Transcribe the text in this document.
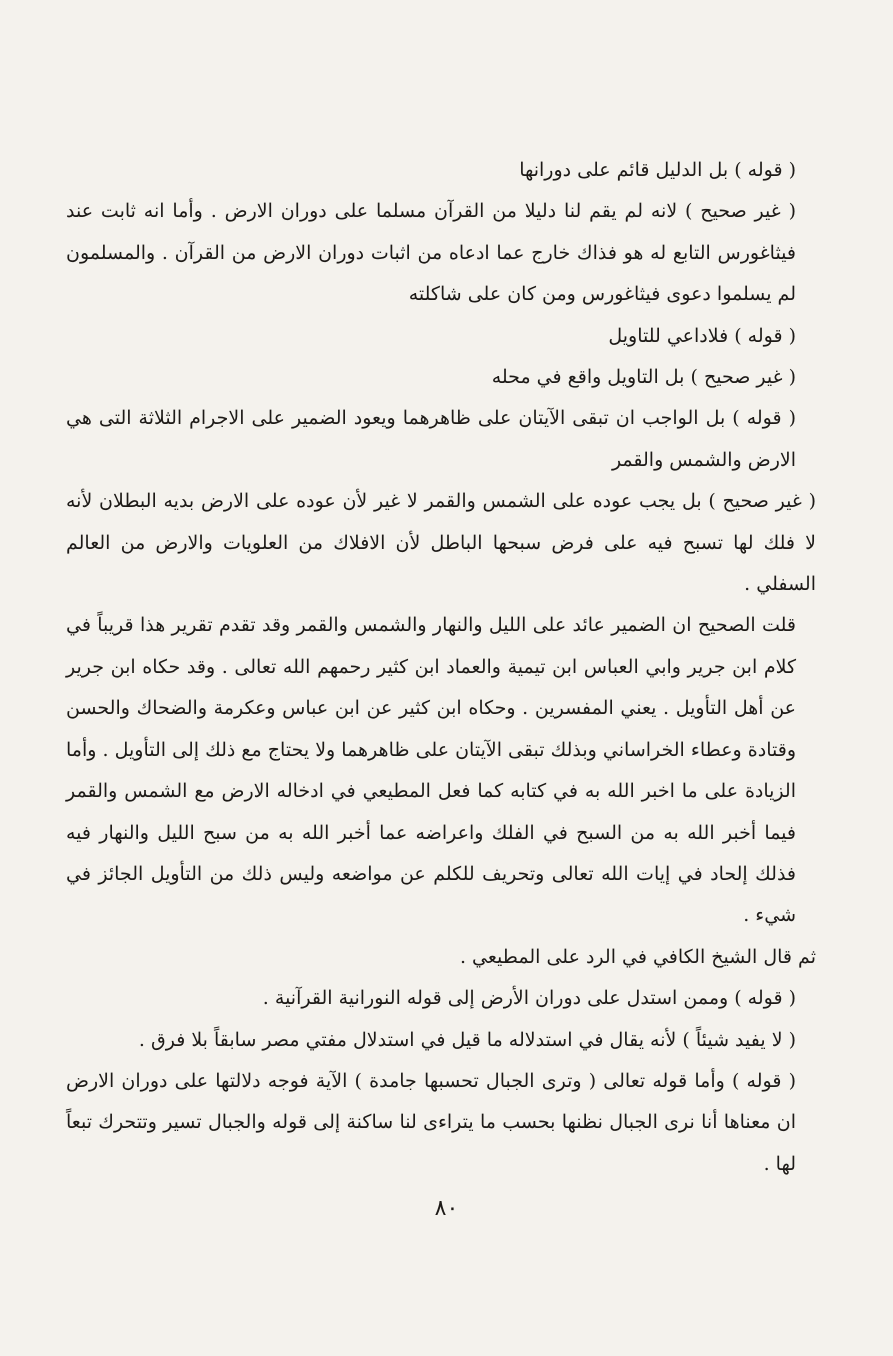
( قوله ) بل الدليل قائم على دورانها

( غير صحيح ) لانه لم يقم لنا دليلا من القرآن مسلما على دوران الارض . وأما انه ثابت عند فيثاغورس التابع له هو فذاك خارج عما ادعاه من اثبات دوران الارض من القرآن . والمسلمون لم يسلموا دعوى فيثاغورس ومن كان على شاكلته

( قوله ) فلاداعي للتاويل

( غير صحيح ) بل التاويل واقع في محله

( قوله ) بل الواجب ان تبقى الآيتان على ظاهرهما ويعود الضمير على الاجرام الثلاثة التى هي الارض والشمس والقمر

( غير صحيح ) بل يجب عوده على الشمس والقمر لا غير لأن عوده على الارض بديه البطلان لأنه لا فلك لها تسبح فيه على فرض سبحها الباطل لأن الافلاك من العلويات والارض من العالم السفلي .

قلت الصحيح ان الضمير عائد على الليل والنهار والشمس والقمر وقد تقدم تقرير هذا قريباً في كلام ابن جرير وابي العباس ابن تيمية والعماد ابن كثير رحمهم الله تعالى . وقد حكاه ابن جرير عن أهل التأويل . يعني المفسرين . وحكاه ابن كثير عن ابن عباس وعكرمة والضحاك والحسن وقتادة وعطاء الخراساني وبذلك تبقى الآيتان على ظاهرهما ولا يحتاج مع ذلك إلى التأويل . وأما الزيادة على ما اخبر الله به في كتابه كما فعل المطيعي في ادخاله الارض مع الشمس والقمر فيما أخبر الله به من السبح في الفلك واعراضه عما أخبر الله به من سبح الليل والنهار فيه فذلك إلحاد في إيات الله تعالى وتحريف للكلم عن مواضعه وليس ذلك من التأويل الجائز في شيء .

ثم قال الشيخ الكافي في الرد على المطيعي .

( قوله ) وممن استدل على دوران الأرض إلى قوله النورانية القرآنية .

( لا يفيد شيئاً ) لأنه يقال في استدلاله ما قيل في استدلال مفتي مصر سابقاً بلا فرق .

( قوله ) وأما قوله تعالى ( وترى الجبال تحسبها جامدة ) الآية فوجه دلالتها على دوران الارض ان معناها أنا نرى الجبال نظنها بحسب ما يتراءى لنا ساكنة إلى قوله والجبال تسير وتتحرك تبعاً لها .

٨٠
